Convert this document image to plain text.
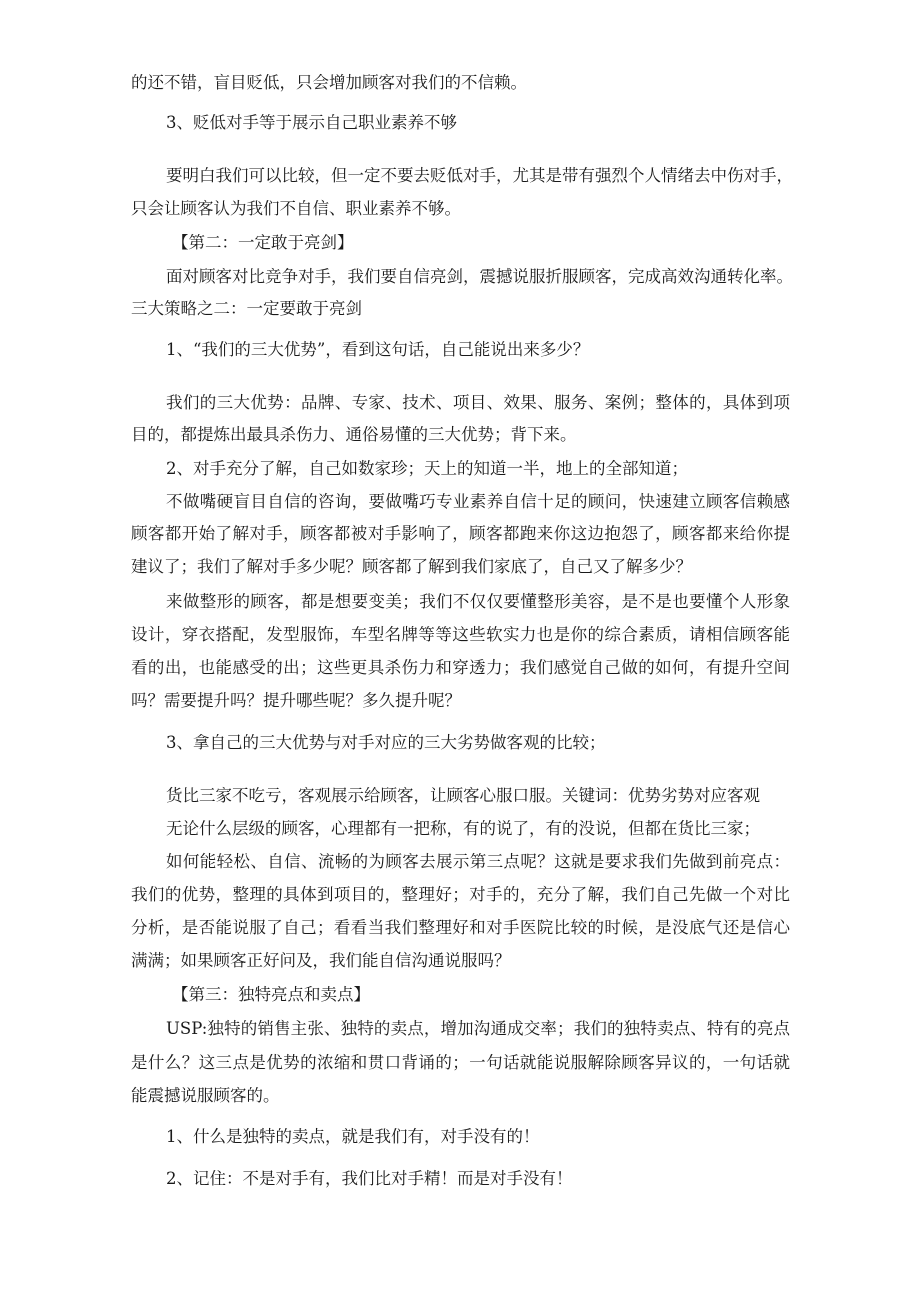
的还不错，盲目贬低，只会增加顾客对我们的不信赖。
3、贬低对手等于展示自己职业素养不够
要明白我们可以比较，但一定不要去贬低对手，尤其是带有强烈个人情绪去中伤对手，
只会让顾客认为我们不自信、职业素养不够。
【第二：一定敢于亮剑】
面对顾客对比竞争对手，我们要自信亮剑，震撼说服折服顾客，完成高效沟通转化率。
三大策略之二：一定要敢于亮剑
1、“我们的三大优势”，看到这句话，自己能说出来多少？
我们的三大优势：品牌、专家、技术、项目、效果、服务、案例；整体的，具体到项
目的，都提炼出最具杀伤力、通俗易懂的三大优势；背下来。
2、对手充分了解，自己如数家珍；天上的知道一半，地上的全部知道；
不做嘴硬盲目自信的咨询，要做嘴巧专业素养自信十足的顾问，快速建立顾客信赖感
顾客都开始了解对手，顾客都被对手影响了，顾客都跑来你这边抱怨了，顾客都来给你提
建议了；我们了解对手多少呢？顾客都了解到我们家底了，自己又了解多少？
来做整形的顾客，都是想要变美；我们不仅仅要懂整形美容，是不是也要懂个人形象
设计，穿衣搭配，发型服饰，车型名牌等等这些软实力也是你的综合素质，请相信顾客能
看的出，也能感受的出；这些更具杀伤力和穿透力；我们感觉自己做的如何，有提升空间
吗？需要提升吗？提升哪些呢？多久提升呢？
3、拿自己的三大优势与对手对应的三大劣势做客观的比较；
货比三家不吃亏，客观展示给顾客，让顾客心服口服。关键词：优势劣势对应客观
无论什么层级的顾客，心理都有一把称，有的说了，有的没说，但都在货比三家；
如何能轻松、自信、流畅的为顾客去展示第三点呢？这就是要求我们先做到前亮点：
我们的优势，整理的具体到项目的，整理好；对手的，充分了解，我们自己先做一个对比
分析，是否能说服了自己；看看当我们整理好和对手医院比较的时候，是没底气还是信心
满满；如果顾客正好问及，我们能自信沟通说服吗？
【第三：独特亮点和卖点】
USP:独特的销售主张、独特的卖点，增加沟通成交率；我们的独特卖点、特有的亮点
是什么？这三点是优势的浓缩和贯口背诵的；一句话就能说服解除顾客异议的，一句话就
能震撼说服顾客的。
1、什么是独特的卖点，就是我们有，对手没有的！
2、记住：不是对手有，我们比对手精！而是对手没有！
